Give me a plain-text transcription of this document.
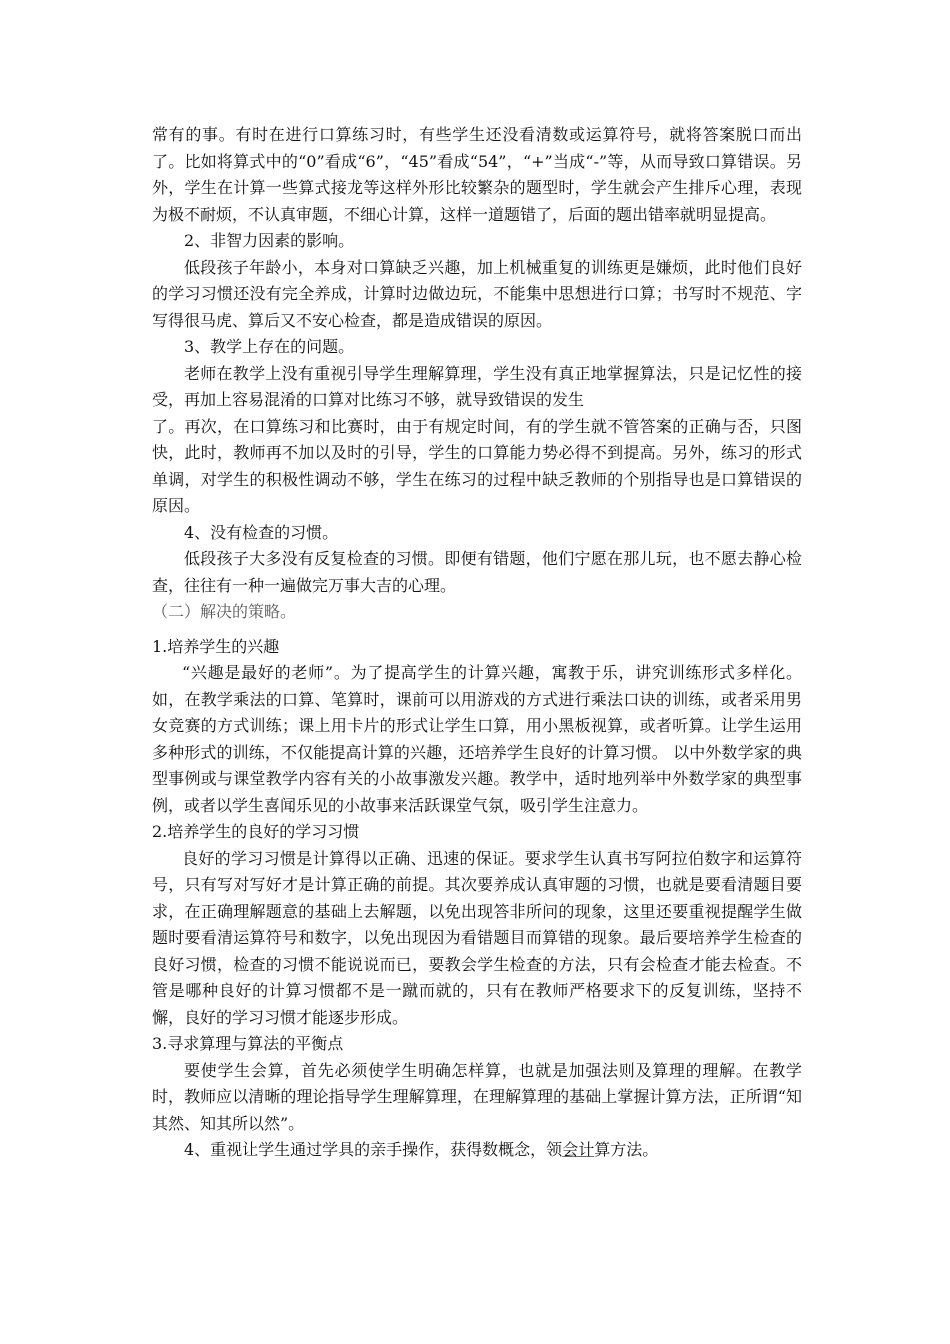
常有的事。有时在进行口算练习时，有些学生还没看清数或运算符号，就将答案脱口而出了。比如将算式中的“0”看成“6”，“45”看成“54”，“+”当成“-”等，从而导致口算错误。另外，学生在计算一些算式接龙等这样外形比较繁杂的题型时，学生就会产生排斥心理，表现为极不耐烦，不认真审题，不细心计算，这样一道题错了，后面的题出错率就明显提高。

2、非智力因素的影响。

低段孩子年龄小，本身对口算缺乏兴趣，加上机械重复的训练更是嫌烦，此时他们良好的学习习惯还没有完全养成，计算时边做边玩，不能集中思想进行口算；书写时不规范、字写得很马虎、算后又不安心检查，都是造成错误的原因。

3、教学上存在的问题。

老师在教学上没有重视引导学生理解算理，学生没有真正地掌握算法，只是记忆性的接受，再加上容易混淆的口算对比练习不够，就导致错误的发生

了。再次，在口算练习和比赛时，由于有规定时间，有的学生就不管答案的正确与否，只图快，此时，教师再不加以及时的引导，学生的口算能力势必得不到提高。另外，练习的形式单调，对学生的积极性调动不够，学生在练习的过程中缺乏教师的个别指导也是口算错误的原因。

4、没有检查的习惯。

低段孩子大多没有反复检查的习惯。即便有错题，他们宁愿在那儿玩，也不愿去静心检查，往往有一种一遍做完万事大吉的心理。

（二）解决的策略。

1.培养学生的兴趣

“兴趣是最好的老师”。为了提高学生的计算兴趣，寓教于乐，讲究训练形式多样化。如，在教学乘法的口算、笔算时，课前可以用游戏的方式进行乘法口诀的训练，或者采用男女竞赛的方式训练；课上用卡片的形式让学生口算，用小黑板视算，或者听算。让学生运用多种形式的训练，不仅能提高计算的兴趣，还培养学生良好的计算习惯。 以中外数学家的典型事例或与课堂教学内容有关的小故事激发兴趣。教学中，适时地列举中外数学家的典型事例，或者以学生喜闻乐见的小故事来活跃课堂气氛，吸引学生注意力。

2.培养学生的良好的学习习惯

良好的学习习惯是计算得以正确、迅速的保证。要求学生认真书写阿拉伯数字和运算符号，只有写对写好才是计算正确的前提。其次要养成认真审题的习惯，也就是要看清题目要求，在正确理解题意的基础上去解题，以免出现答非所问的现象，这里还要重视提醒学生做题时要看清运算符号和数字，以免出现因为看错题目而算错的现象。最后要培养学生检查的良好习惯，检查的习惯不能说说而已，要教会学生检查的方法，只有会检查才能去检查。不管是哪种良好的计算习惯都不是一蹴而就的，只有在教师严格要求下的反复训练，坚持不懈，良好的学习习惯才能逐步形成。

3.寻求算理与算法的平衡点

要使学生会算，首先必须使学生明确怎样算，也就是加强法则及算理的理解。在教学时，教师应以清晰的理论指导学生理解算理，在理解算理的基础上掌握计算方法，正所谓“知其然、知其所以然”。

4、重视让学生通过学具的亲手操作，获得数概念，领会计算方法。
